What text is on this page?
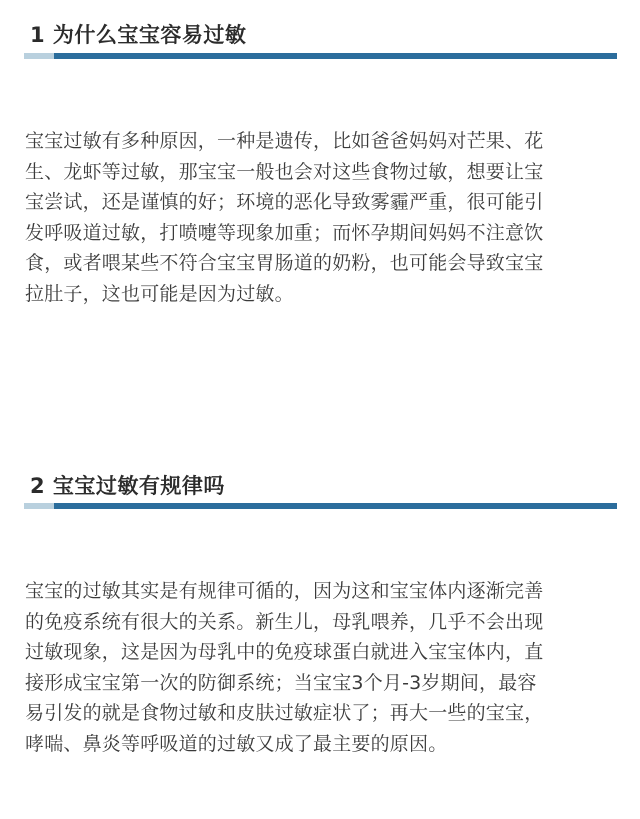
1 为什么宝宝容易过敏
宝宝过敏有多种原因，一种是遗传，比如爸爸妈妈对芒果、花
生、龙虾等过敏，那宝宝一般也会对这些食物过敏，想要让宝
宝尝试，还是谨慎的好；环境的恶化导致雾霾严重，很可能引
发呼吸道过敏，打喷嚏等现象加重；而怀孕期间妈妈不注意饮
食，或者喂某些不符合宝宝胃肠道的奶粉，也可能会导致宝宝
拉肚子，这也可能是因为过敏。
2 宝宝过敏有规律吗
宝宝的过敏其实是有规律可循的，因为这和宝宝体内逐渐完善
的免疫系统有很大的关系。新生儿，母乳喂养，几乎不会出现
过敏现象，这是因为母乳中的免疫球蛋白就进入宝宝体内，直
接形成宝宝第一次的防御系统；当宝宝3个月-3岁期间，最容
易引发的就是食物过敏和皮肤过敏症状了；再大一些的宝宝，
哮喘、鼻炎等呼吸道的过敏又成了最主要的原因。
